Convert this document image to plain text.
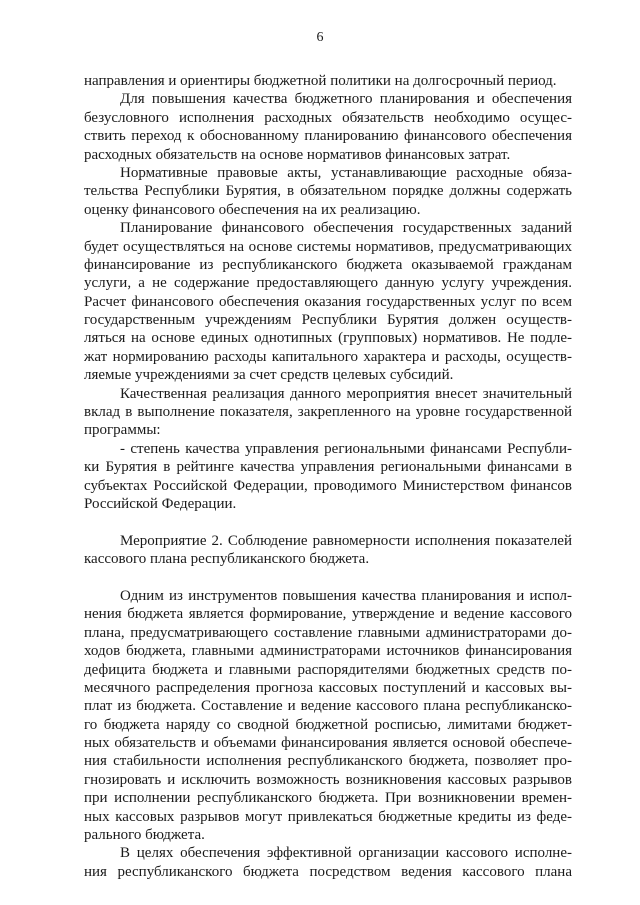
6
направления и ориентиры бюджетной политики на долгосрочный период.
Для повышения качества бюджетного планирования и обеспечения
безусловного исполнения расходных обязательств необходимо осущес-
ствить переход к обоснованному планированию финансового обеспечения
расходных обязательств на основе нормативов финансовых затрат.
Нормативные правовые акты, устанавливающие расходные обяза-
тельства Республики Бурятия, в обязательном порядке должны содержать
оценку финансового обеспечения на их реализацию.
Планирование финансового обеспечения государственных заданий
будет осуществляться на основе системы нормативов, предусматривающих
финансирование из республиканского бюджета оказываемой гражданам
услуги, а не содержание предоставляющего данную услугу учреждения.
Расчет финансового обеспечения оказания государственных услуг по всем
государственным учреждениям Республики Бурятия должен осуществ-
ляться на основе единых однотипных (групповых) нормативов. Не подле-
жат нормированию расходы капитального характера и расходы, осуществ-
ляемые учреждениями за счет средств целевых субсидий.
Качественная реализация данного мероприятия внесет значительный
вклад в выполнение показателя, закрепленного на уровне государственной
программы:
- степень качества управления региональными финансами Республи-
ки Бурятия в рейтинге качества управления региональными финансами в
субъектах Российской Федерации, проводимого Министерством финансов
Российской Федерации.
Мероприятие 2. Соблюдение равномерности исполнения показателей
кассового плана республиканского бюджета.
Одним из инструментов повышения качества планирования и испол-
нения бюджета является формирование, утверждение и ведение кассового
плана, предусматривающего составление главными администраторами до-
ходов бюджета, главными администраторами источников финансирования
дефицита бюджета и главными распорядителями бюджетных средств по-
месячного распределения прогноза кассовых поступлений и кассовых вы-
плат из бюджета. Составление и ведение кассового плана республиканско-
го бюджета наряду со сводной бюджетной росписью, лимитами бюджет-
ных обязательств и объемами финансирования является основой обеспече-
ния стабильности исполнения республиканского бюджета, позволяет про-
гнозировать и исключить возможность возникновения кассовых разрывов
при исполнении республиканского бюджета. При возникновении времен-
ных кассовых разрывов могут привлекаться бюджетные кредиты из феде-
рального бюджета.
В целях обеспечения эффективной организации кассового исполне-
ния республиканского бюджета посредством ведения кассового плана
